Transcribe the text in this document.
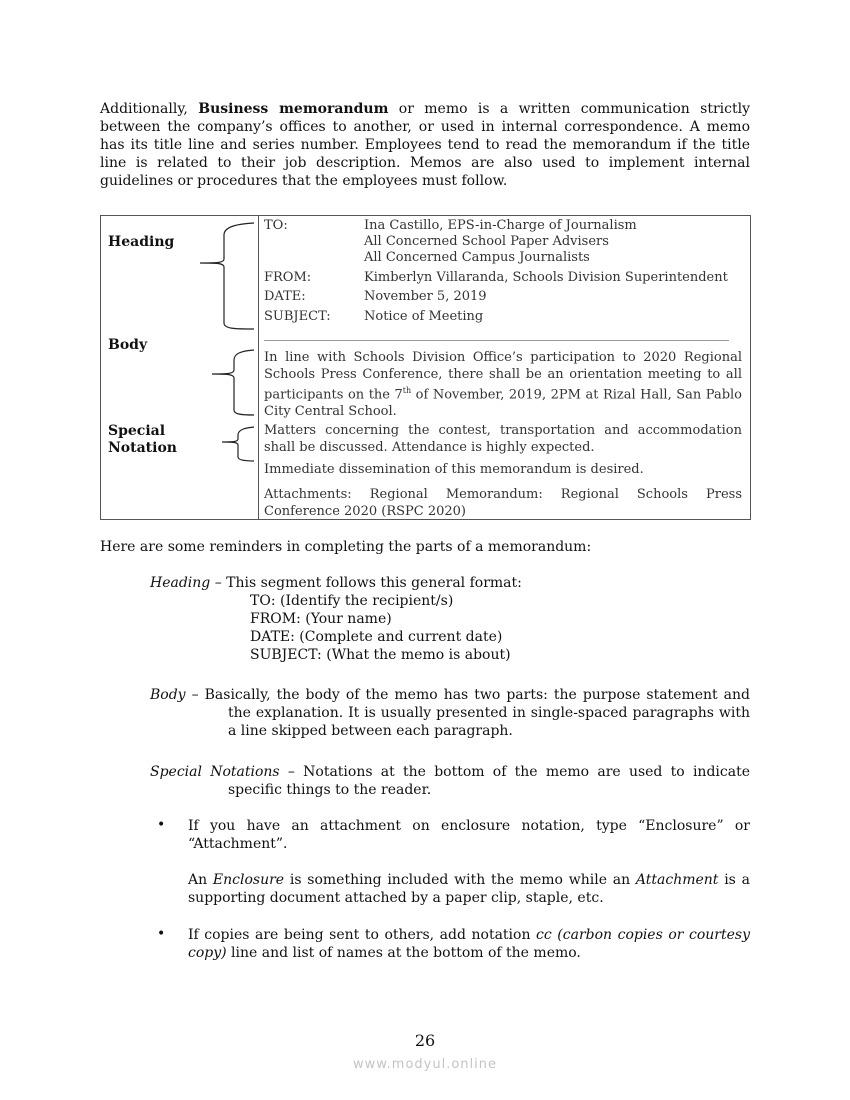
Additionally, Business memorandum or memo is a written communication strictly
between the company’s offices to another, or used in internal correspondence. A memo
has its title line and series number. Employees tend to read the memorandum if the title
line is related to their job description. Memos are also used to implement internal
guidelines or procedures that the employees must follow.
Heading
Body
Special
Notation
TO:	Ina Castillo, EPS-in-Charge of Journalism
All Concerned School Paper Advisers
All Concerned Campus Journalists
FROM:	Kimberlyn Villaranda, Schools Division Superintendent
DATE:	November 5, 2019
SUBJECT:	Notice of Meeting
In line with Schools Division Office’s participation to 2020 Regional Schools Press Conference, there shall be an orientation meeting to all participants on the 7th of November, 2019, 2PM at Rizal Hall, San Pablo City Central School.
Matters concerning the contest, transportation and accommodation shall be discussed. Attendance is highly expected.
Immediate dissemination of this memorandum is desired.
Attachments: Regional Memorandum: Regional Schools Press Conference 2020 (RSPC 2020)
Here are some reminders in completing the parts of a memorandum:
Heading – This segment follows this general format:
TO: (Identify the recipient/s)
FROM: (Your name)
DATE: (Complete and current date)
SUBJECT: (What the memo is about)
Body – Basically, the body of the memo has two parts: the purpose statement and
the explanation. It is usually presented in single-spaced paragraphs with a line skipped between each paragraph.
Special Notations – Notations at the bottom of the memo are used to indicate
specific things to the reader.
• If you have an attachment on enclosure notation, type “Enclosure” or “Attachment”.
An Enclosure is something included with the memo while an Attachment is a supporting document attached by a paper clip, staple, etc.
• If copies are being sent to others, add notation cc (carbon copies or courtesy copy) line and list of names at the bottom of the memo.
26
www.modyul.online
